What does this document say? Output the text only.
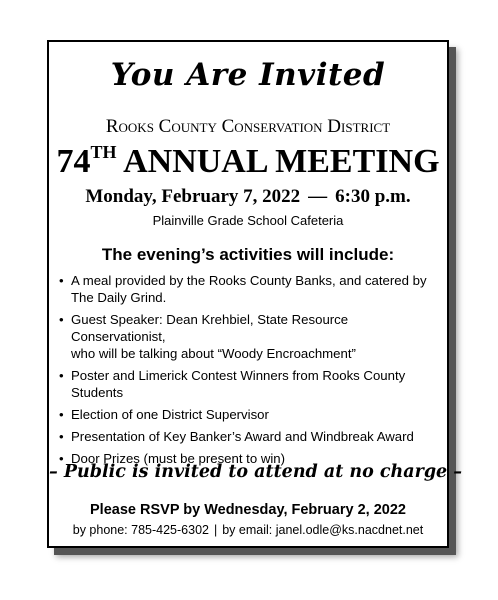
You Are Invited
Rooks County Conservation District
74TH ANNUAL MEETING
Monday, February 7, 2022 — 6:30 p.m.
Plainville Grade School Cafeteria
The evening’s activities will include:
• A meal provided by the Rooks County Banks, and catered by
The Daily Grind.
• Guest Speaker: Dean Krehbiel, State Resource Conservationist,
who will be talking about “Woody Encroachment”
• Poster and Limerick Contest Winners from Rooks County Students
• Election of one District Supervisor
• Presentation of Key Banker’s Award and Windbreak Award
• Door Prizes (must be present to win)
– Public is invited to attend at no charge –
Please RSVP by Wednesday, February 2, 2022
by phone: 785-425-6302 | by email: janel.odle@ks.nacdnet.net
